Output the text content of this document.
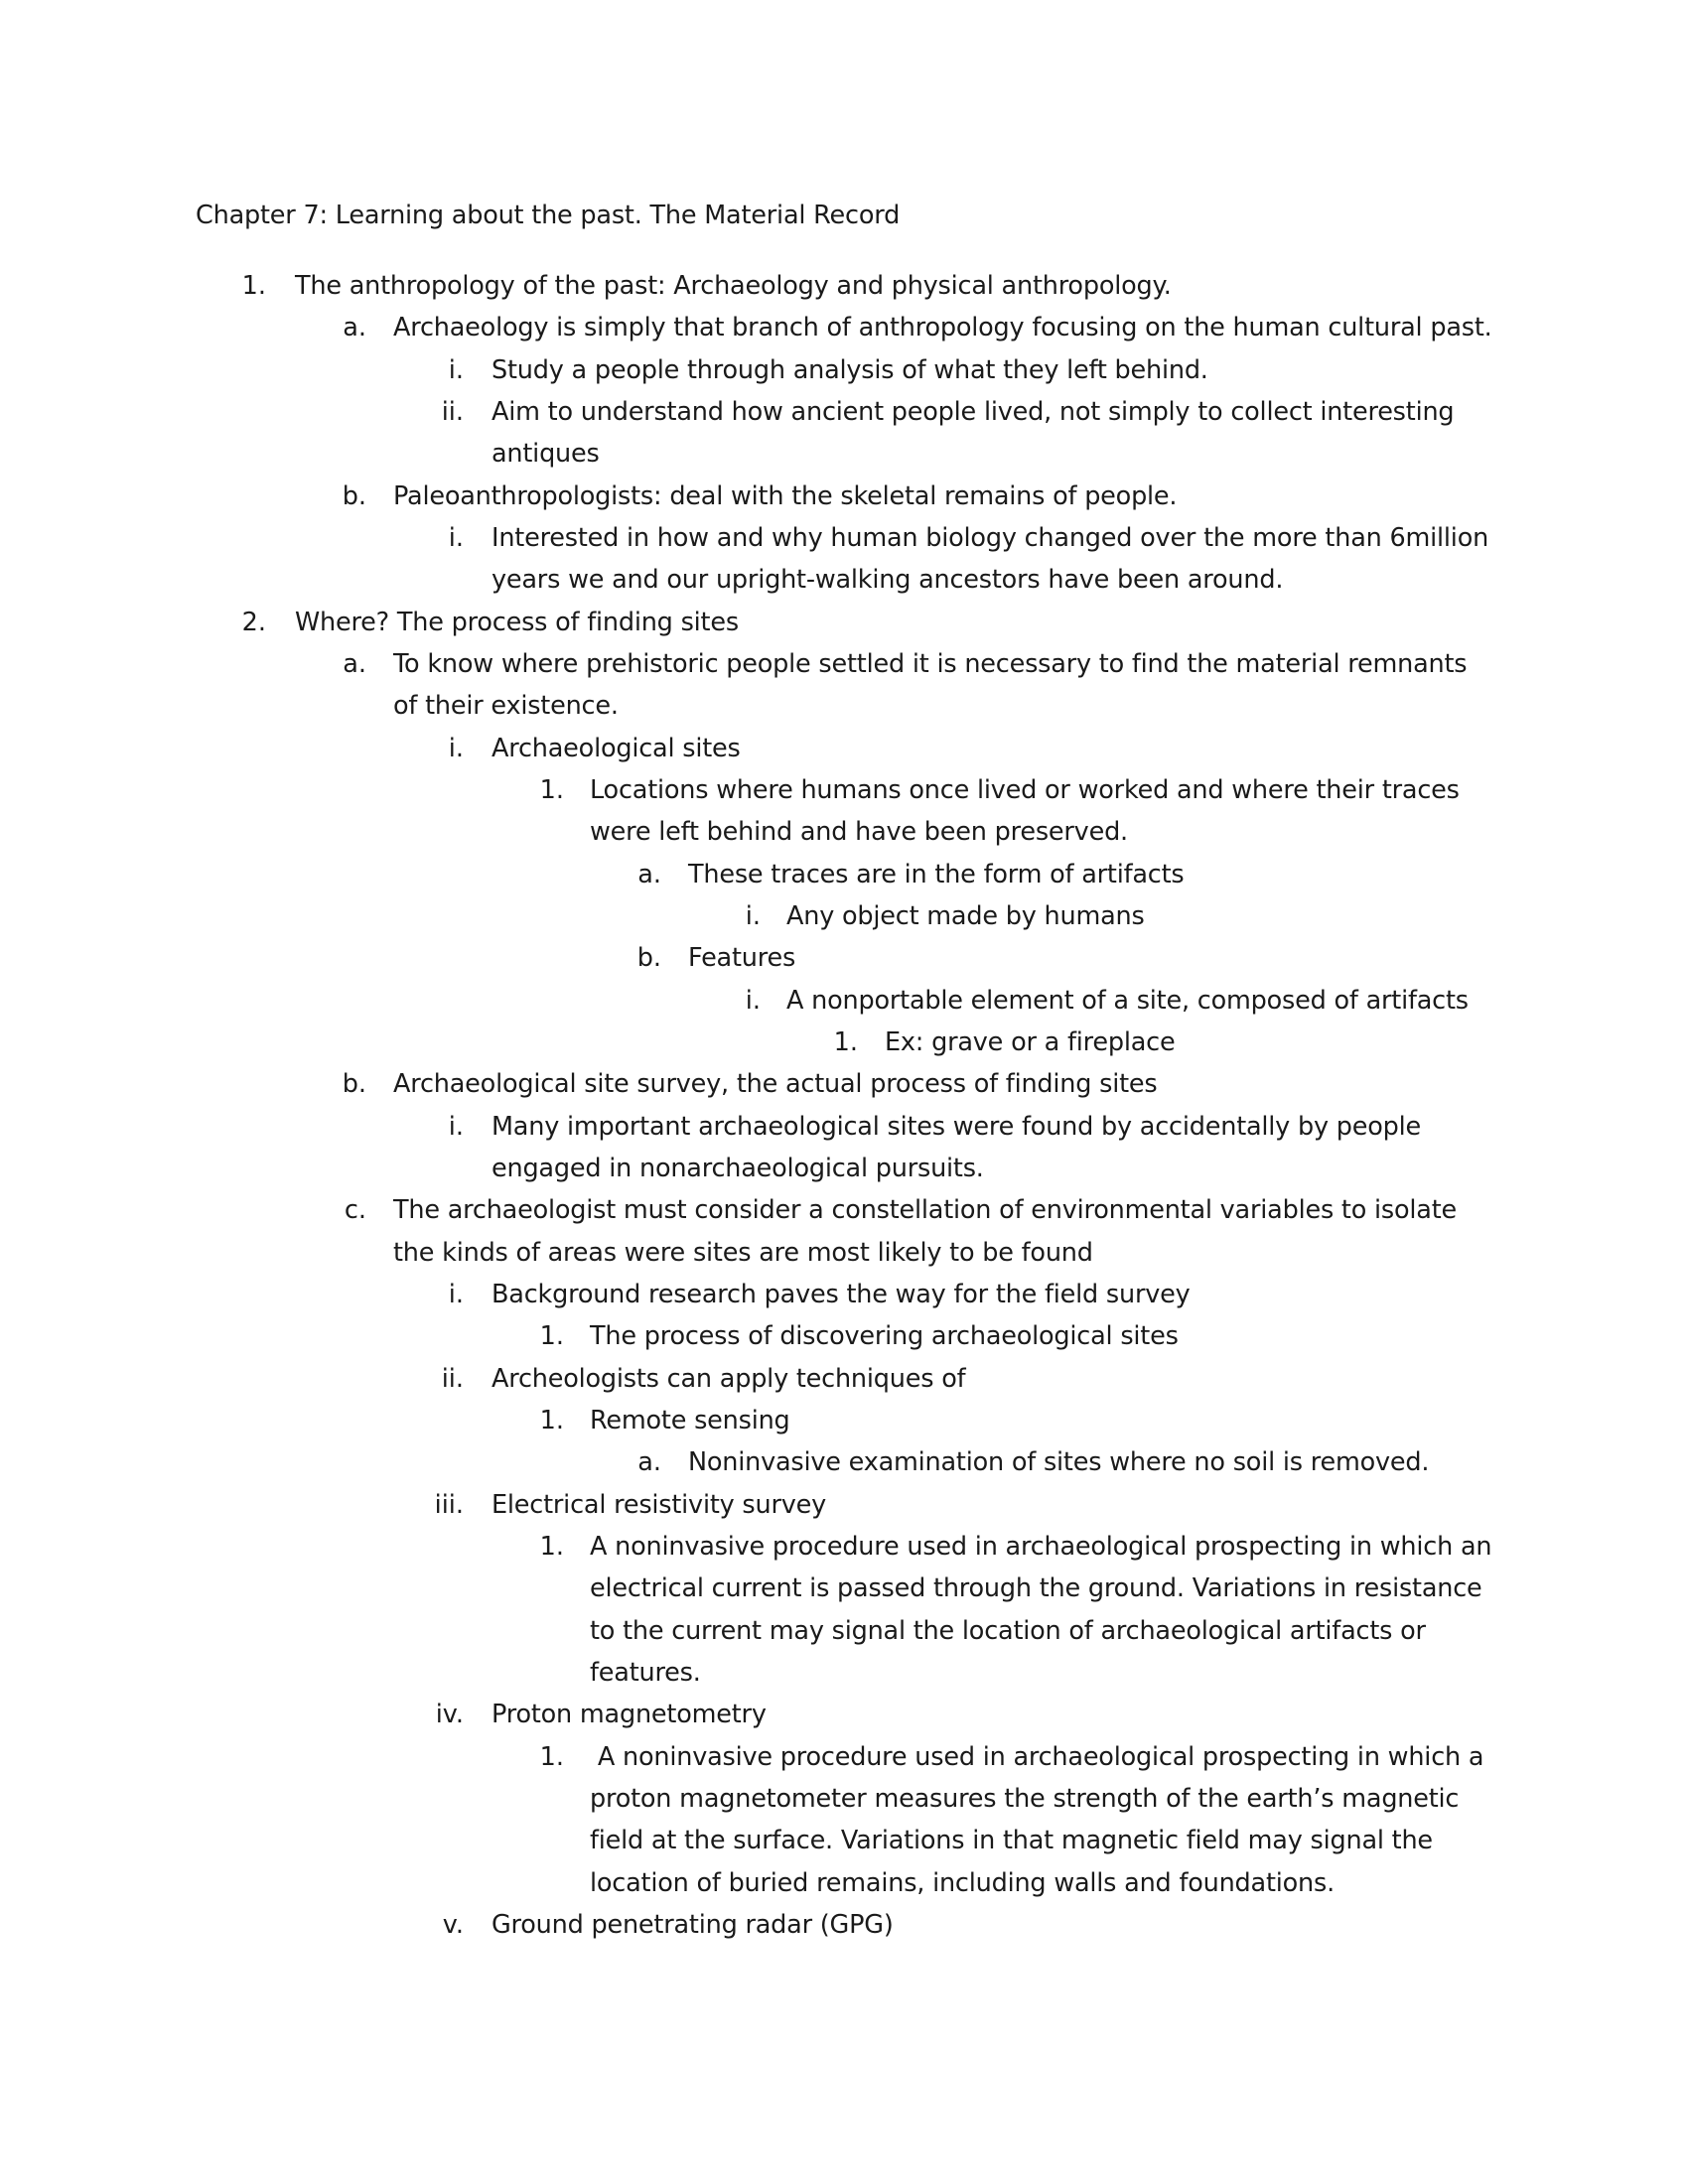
Chapter 7: Learning about the past. The Material Record
1. The anthropology of the past: Archaeology and physical anthropology.
a. Archaeology is simply that branch of anthropology focusing on the human cultural past.
i. Study a people through analysis of what they left behind.
ii. Aim to understand how ancient people lived, not simply to collect interesting
antiques
b. Paleoanthropologists: deal with the skeletal remains of people.
i. Interested in how and why human biology changed over the more than 6million
years we and our upright-walking ancestors have been around.
2. Where? The process of finding sites
a. To know where prehistoric people settled it is necessary to find the material remnants
of their existence.
i. Archaeological sites
1. Locations where humans once lived or worked and where their traces
were left behind and have been preserved.
a. These traces are in the form of artifacts
i. Any object made by humans
b. Features
i. A nonportable element of a site, composed of artifacts
1. Ex: grave or a fireplace
b. Archaeological site survey, the actual process of finding sites
i. Many important archaeological sites were found by accidentally by people
engaged in nonarchaeological pursuits.
c. The archaeologist must consider a constellation of environmental variables to isolate
the kinds of areas were sites are most likely to be found
i. Background research paves the way for the field survey
1. The process of discovering archaeological sites
ii. Archeologists can apply techniques of
1. Remote sensing
a. Noninvasive examination of sites where no soil is removed.
iii. Electrical resistivity survey
1. A noninvasive procedure used in archaeological prospecting in which an
electrical current is passed through the ground. Variations in resistance
to the current may signal the location of archaeological artifacts or
features.
iv. Proton magnetometry
1. A noninvasive procedure used in archaeological prospecting in which a
proton magnetometer measures the strength of the earth’s magnetic
field at the surface. Variations in that magnetic field may signal the
location of buried remains, including walls and foundations.
v. Ground penetrating radar (GPG)
